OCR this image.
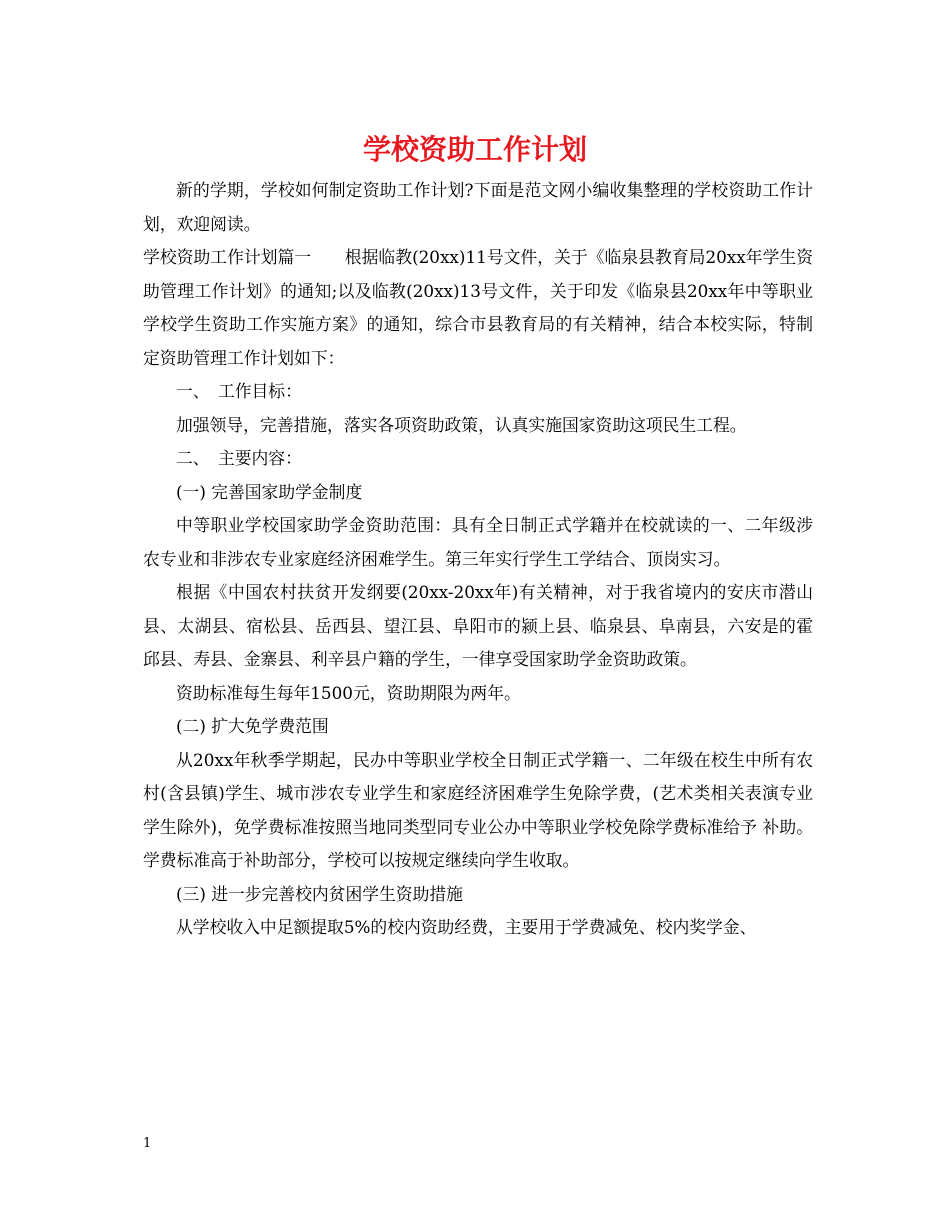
学校资助工作计划

新的学期，学校如何制定资助工作计划?下面是范文网小编收集整理的学校资助工作计划，欢迎阅读。

学校资助工作计划篇一　　根据临教(20xx)11号文件，关于《临泉县教育局20xx年学生资助管理工作计划》的通知;以及临教(20xx)13号文件，关于印发《临泉县20xx年中等职业学校学生资助工作实施方案》的通知，综合市县教育局的有关精神，结合本校实际，特制定资助管理工作计划如下：

一、　工作目标：

加强领导，完善措施，落实各项资助政策，认真实施国家资助这项民生工程。

二、　主要内容：

(一) 完善国家助学金制度

中等职业学校国家助学金资助范围：具有全日制正式学籍并在校就读的一、二年级涉农专业和非涉农专业家庭经济困难学生。第三年实行学生工学结合、顶岗实习。

根据《中国农村扶贫开发纲要(20xx-20xx年)有关精神，对于我省境内的安庆市潜山县、太湖县、宿松县、岳西县、望江县、阜阳市的颍上县、临泉县、阜南县，六安是的霍邱县、寿县、金寨县、利辛县户籍的学生，一律享受国家助学金资助政策。

资助标准每生每年1500元，资助期限为两年。

(二) 扩大免学费范围

从20xx年秋季学期起，民办中等职业学校全日制正式学籍一、二年级在校生中所有农村(含县镇)学生、城市涉农专业学生和家庭经济困难学生免除学费，(艺术类相关表演专业学生除外)，免学费标准按照当地同类型同专业公办中等职业学校免除学费标准给予 补助。学费标准高于补助部分，学校可以按规定继续向学生收取。

(三) 进一步完善校内贫困学生资助措施

从学校收入中足额提取5%的校内资助经费，主要用于学费减免、校内奖学金、

1
